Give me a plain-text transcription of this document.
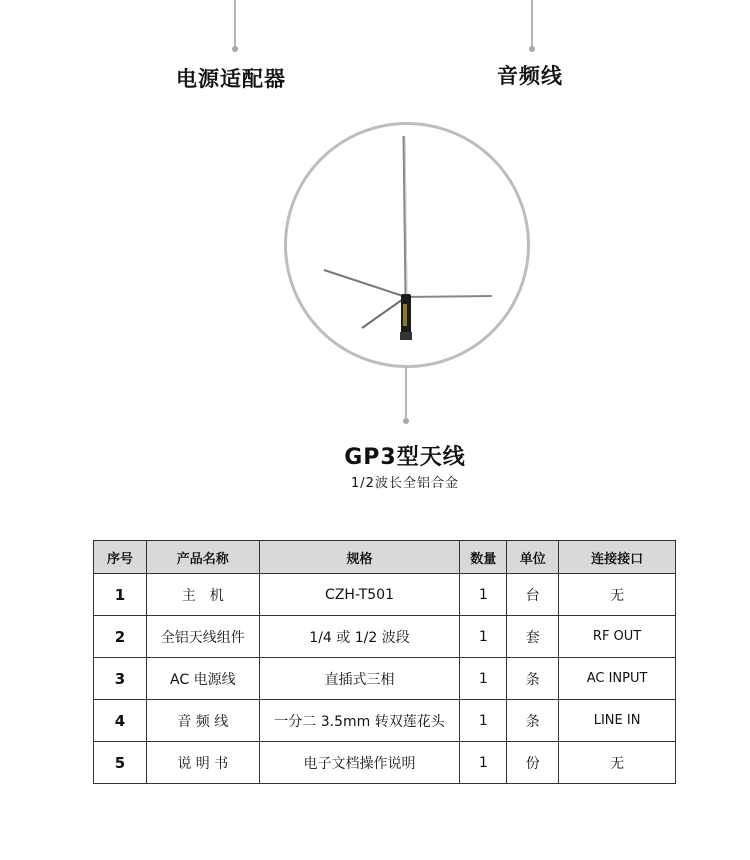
电源适配器	音频线
GP3型天线
1/2波长全铝合金
序号	产品名称	规格	数量	单位	连接接口
1	主　机	CZH-T501	1	台	无
2	全铝天线组件	1/4 或 1/2 波段	1	套	RF OUT
3	AC 电源线	直插式三相	1	条	AC INPUT
4	音 频 线	一分二 3.5mm 转双莲花头	1	条	LINE IN
5	说 明 书	电子文档操作说明	1	份	无
